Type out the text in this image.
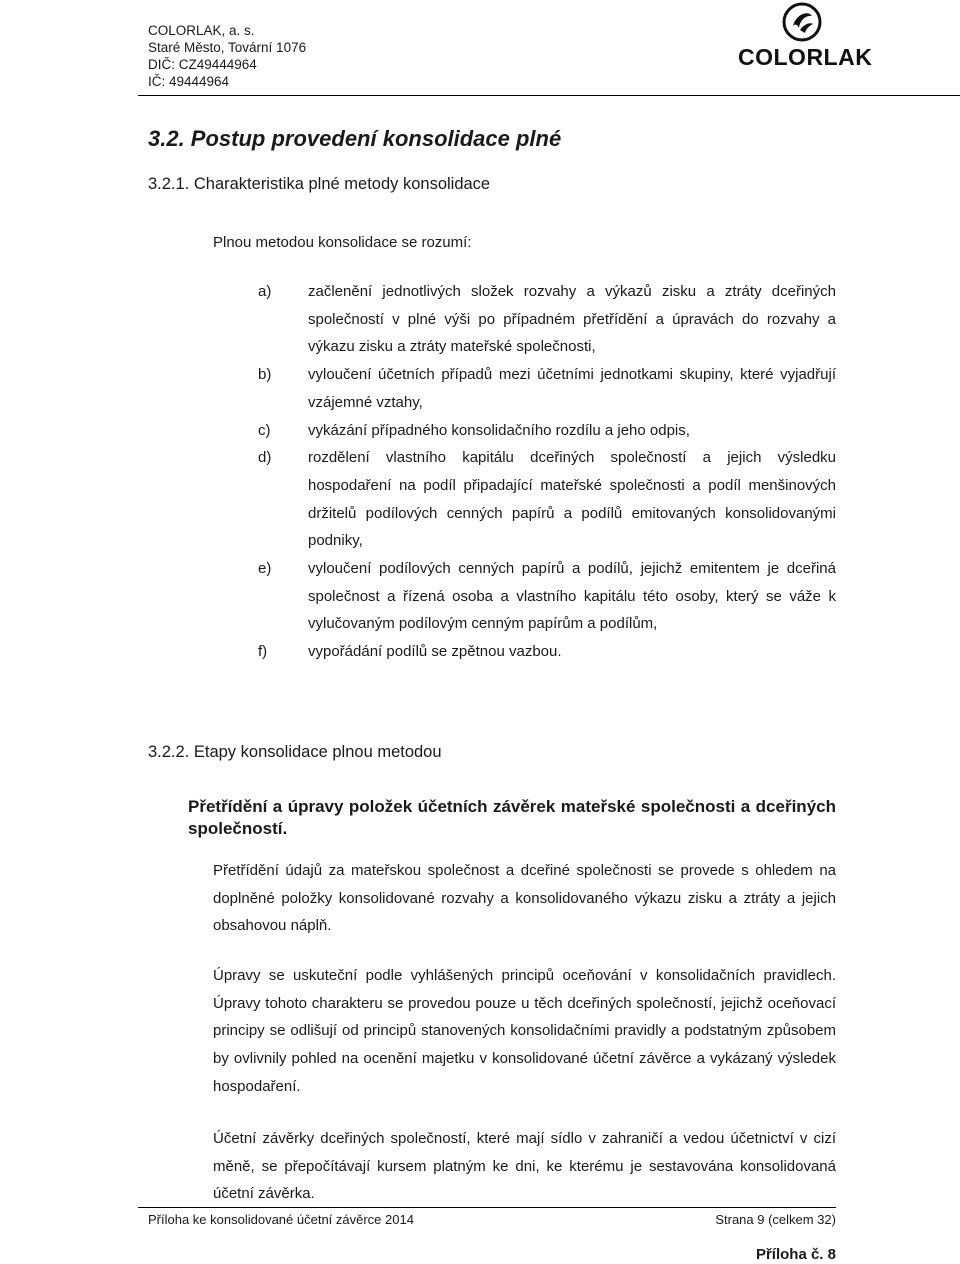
COLORLAK, a. s.
Staré Město, Tovární 1076
DIČ: CZ49444964
IČ: 49444964
COLORLAK
3.2. Postup provedení konsolidace plné
3.2.1. Charakteristika plné metody konsolidace
Plnou metodou konsolidace se rozumí:
a)	začlenění jednotlivých složek rozvahy a výkazů zisku a ztráty dceřiných společností v plné výši po případném přetřídění a úpravách do rozvahy a výkazu zisku a ztráty mateřské společnosti,
b)	vyloučení účetních případů mezi účetními jednotkami skupiny, které vyjadřují vzájemné vztahy,
c)	vykázání případného konsolidačního rozdílu a jeho odpis,
d)	rozdělení vlastního kapitálu dceřiných společností a jejich výsledku hospodaření na podíl připadající mateřské společnosti a podíl menšinových držitelů podílových cenných papírů a podílů emitovaných konsolidovanými podniky,
e)	vyloučení podílových cenných papírů a podílů, jejichž emitentem je dceřiná společnost a řízená osoba a vlastního kapitálu této osoby, který se váže k vylučovaným podílovým cenným papírům a podílům,
f)	vypořádání podílů se zpětnou vazbou.
3.2.2. Etapy konsolidace plnou metodou
Přetřídění a úpravy položek účetních závěrek mateřské společnosti a dceřiných společností.
Přetřídění údajů za mateřskou společnost a dceřiné společnosti se provede s ohledem na doplněné položky konsolidované rozvahy a konsolidovaného výkazu zisku a ztráty a jejich obsahovou náplň.
Úpravy se uskuteční podle vyhlášených principů oceňování v konsolidačních pravidlech. Úpravy tohoto charakteru se provedou pouze u těch dceřiných společností, jejichž oceňovací principy se odlišují od principů stanovených konsolidačními pravidly a podstatným způsobem by ovlivnily pohled na ocenění majetku v konsolidované účetní závěrce a vykázaný výsledek hospodaření.
Účetní závěrky dceřiných společností, které mají sídlo v zahraničí a vedou účetnictví v cizí měně, se přepočítávají kursem platným ke dni, ke kterému je sestavována konsolidovaná účetní závěrka.
Příloha ke konsolidované účetní závěrce 2014	Strana 9 (celkem 32)
Příloha č. 8
